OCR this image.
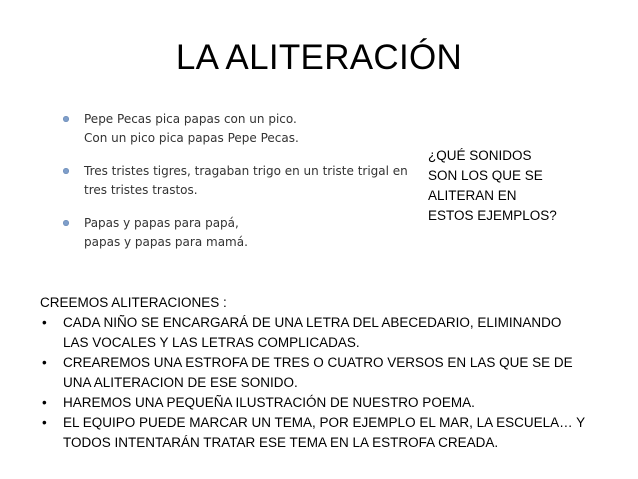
LA ALITERACIÓN
Pepe Pecas pica papas con un pico.
Con un pico pica papas Pepe Pecas.
Tres tristes tigres, tragaban trigo en un triste trigal en
tres tristes trastos.
Papas y papas para papá,
papas y papas para mamá.
¿QUÉ SONIDOS
SON LOS QUE SE
ALITERAN EN
ESTOS EJEMPLOS?
CREEMOS ALITERACIONES :
• CADA NIÑO SE ENCARGARÁ DE UNA LETRA DEL ABECEDARIO, ELIMINANDO
LAS VOCALES Y LAS LETRAS COMPLICADAS.
• CREAREMOS UNA ESTROFA DE TRES O CUATRO VERSOS EN LAS QUE SE DE
UNA ALITERACION DE ESE SONIDO.
• HAREMOS UNA PEQUEÑA ILUSTRACIÓN DE NUESTRO POEMA.
• EL EQUIPO PUEDE MARCAR UN TEMA, POR EJEMPLO EL MAR, LA ESCUELA… Y
TODOS INTENTARÁN TRATAR ESE TEMA EN LA ESTROFA CREADA.
